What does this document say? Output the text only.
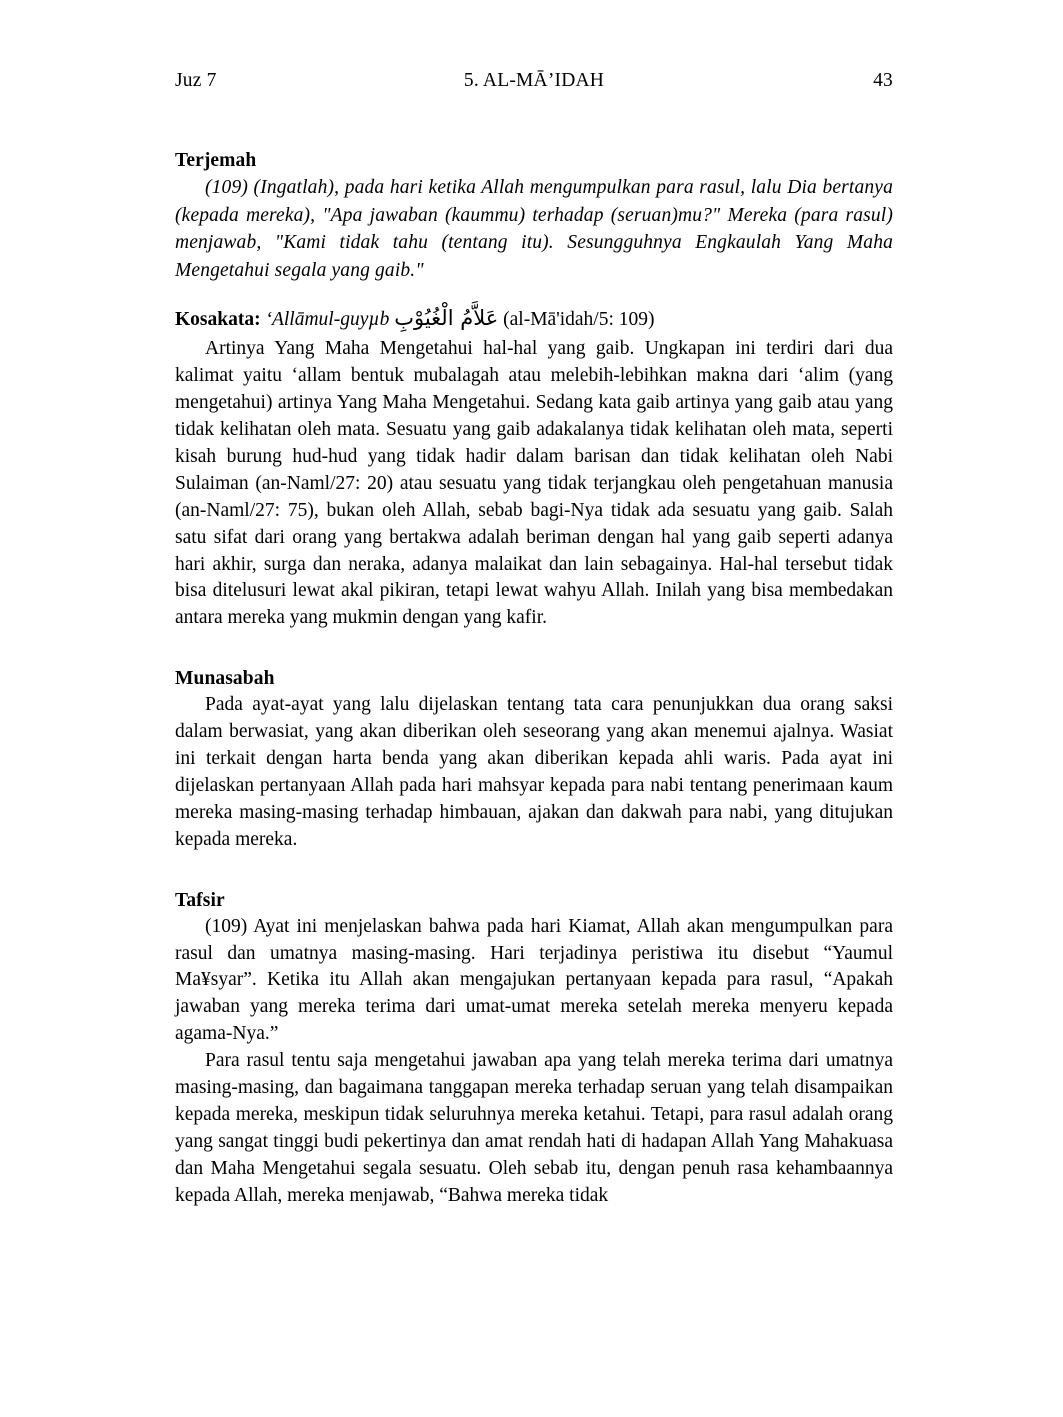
Juz 7	5. AL-MĀ’IDAH	43
Terjemah

(109) (Ingatlah), pada hari ketika Allah mengumpulkan para rasul, lalu Dia bertanya (kepada mereka), "Apa jawaban (kaummu) terhadap (seruan)mu?" Mereka (para rasul) menjawab, "Kami tidak tahu (tentang itu). Sesungguhnya Engkaulah Yang Maha Mengetahui segala yang gaib."

Kosakata: ʻAllāmul-guyµb عَلاَّمُ الْغُيُوْبِ (al-Mā'idah/5: 109)

Artinya Yang Maha Mengetahui hal-hal yang gaib. Ungkapan ini terdiri dari dua kalimat yaitu ‘allam bentuk mubalagah atau melebih-lebihkan makna dari ‘alim (yang mengetahui) artinya Yang Maha Mengetahui. Sedang kata gaib artinya yang gaib atau yang tidak kelihatan oleh mata. Sesuatu yang gaib adakalanya tidak kelihatan oleh mata, seperti kisah burung hud-hud yang tidak hadir dalam barisan dan tidak kelihatan oleh Nabi Sulaiman (an-Naml/27: 20) atau sesuatu yang tidak terjangkau oleh pengetahuan manusia (an-Naml/27: 75), bukan oleh Allah, sebab bagi-Nya tidak ada sesuatu yang gaib. Salah satu sifat dari orang yang bertakwa adalah beriman dengan hal yang gaib seperti adanya hari akhir, surga dan neraka, adanya malaikat dan lain sebagainya. Hal-hal tersebut tidak bisa ditelusuri lewat akal pikiran, tetapi lewat wahyu Allah. Inilah yang bisa membedakan antara mereka yang mukmin dengan yang kafir.

Munasabah

Pada ayat-ayat yang lalu dijelaskan tentang tata cara penunjukkan dua orang saksi dalam berwasiat, yang akan diberikan oleh seseorang yang akan menemui ajalnya. Wasiat ini terkait dengan harta benda yang akan diberikan kepada ahli waris. Pada ayat ini dijelaskan pertanyaan Allah pada hari mahsyar kepada para nabi tentang penerimaan kaum mereka masing-masing terhadap himbauan, ajakan dan dakwah para nabi, yang ditujukan kepada mereka.

Tafsir

(109) Ayat ini menjelaskan bahwa pada hari Kiamat, Allah akan mengumpulkan para rasul dan umatnya masing-masing. Hari terjadinya peristiwa itu disebut “Yaumul Ma¥syar”. Ketika itu Allah akan mengajukan pertanyaan kepada para rasul, “Apakah jawaban yang mereka terima dari umat-umat mereka setelah mereka menyeru kepada agama-Nya.”

Para rasul tentu saja mengetahui jawaban apa yang telah mereka terima dari umatnya masing-masing, dan bagaimana tanggapan mereka terhadap seruan yang telah disampaikan kepada mereka, meskipun tidak seluruhnya mereka ketahui. Tetapi, para rasul adalah orang yang sangat tinggi budi pekertinya dan amat rendah hati di hadapan Allah Yang Mahakuasa dan Maha Mengetahui segala sesuatu. Oleh sebab itu, dengan penuh rasa kehambaannya kepada Allah, mereka menjawab, “Bahwa mereka tidak
